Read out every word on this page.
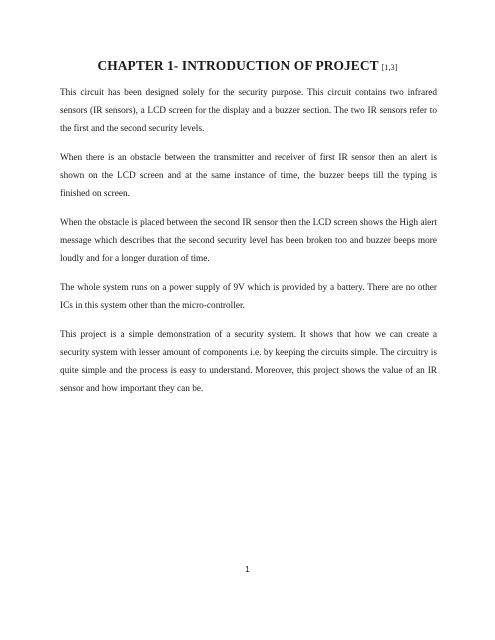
CHAPTER 1- INTRODUCTION OF PROJECT [1,3]

This circuit has been designed solely for the security purpose. This circuit contains two infrared sensors (IR sensors), a LCD screen for the display and a buzzer section. The two IR sensors refer to the first and the second security levels.

When there is an obstacle between the transmitter and receiver of first IR sensor then an alert is shown on the LCD screen and at the same instance of time, the buzzer beeps till the typing is finished on screen.

When the obstacle is placed between the second IR sensor then the LCD screen shows the High alert message which describes that the second security level has been broken too and buzzer beeps more loudly and for a longer duration of time.

The whole system runs on a power supply of 9V which is provided by a battery. There are no other ICs in this system other than the micro-controller.

This project is a simple demonstration of a security system. It shows that how we can create a security system with lesser amount of components i.e. by keeping the circuits simple. The circuitry is quite simple and the process is easy to understand. Moreover, this project shows the value of an IR sensor and how important they can be.

1
